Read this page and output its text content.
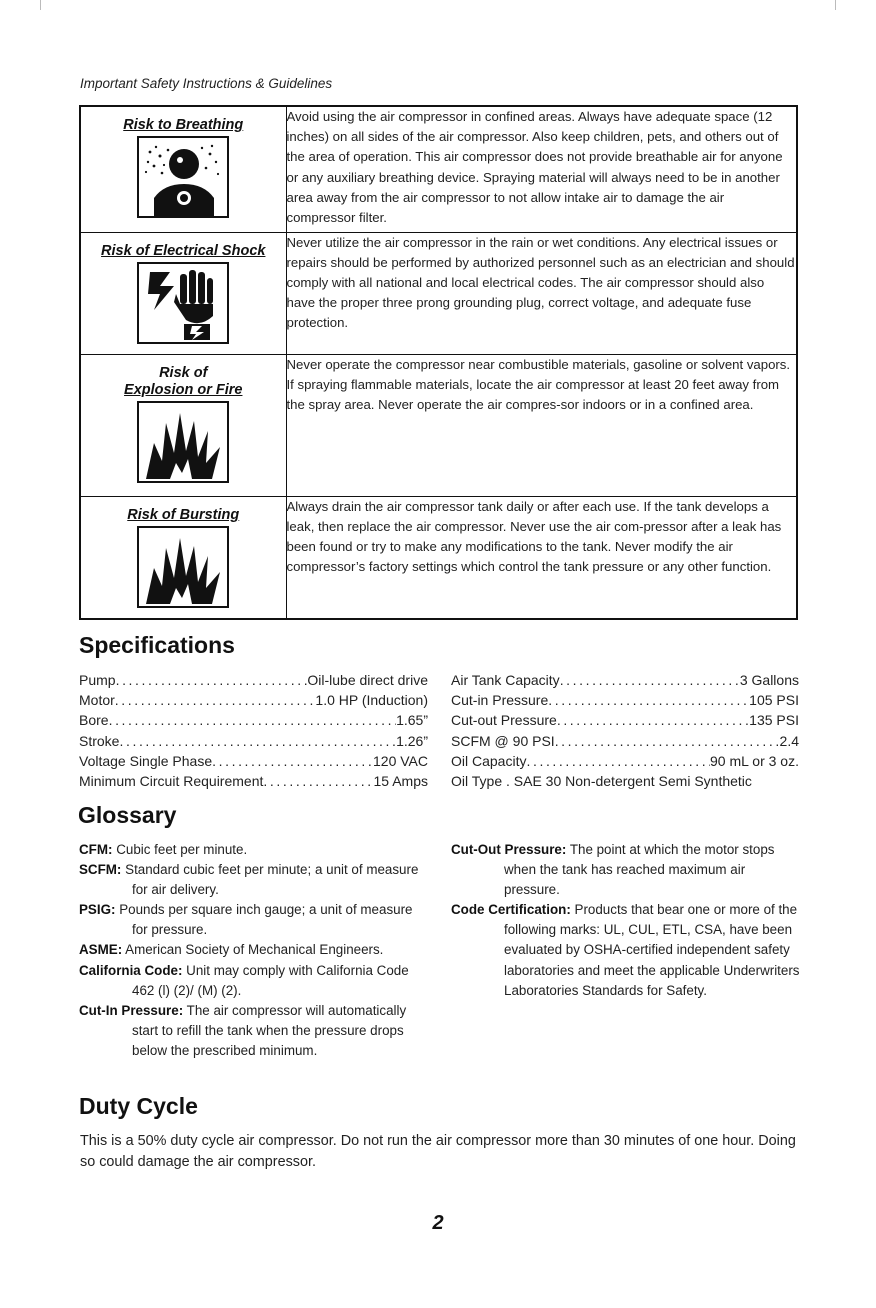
Important Safety Instructions & Guidelines
Risk to Breathing	Avoid using the air compressor in confined areas. Always have adequate space (12 inches) on all sides of the air compressor. Also keep children, pets, and others out of the area of operation. This air compressor does not provide breathable air for anyone or any auxiliary breathing device. Spraying material will always need to be in another area away from the air compressor to not allow intake air to damage the air compressor filter.

Risk of Electrical Shock	Never utilize the air compressor in the rain or wet conditions. Any electrical issues or repairs should be performed by authorized personnel such as an electrician and should comply with all national and local electrical codes. The air compressor should also have the proper three prong grounding plug, correct voltage, and adequate fuse protection.

Risk of
Explosion or Fire	Never operate the compressor near combustible materials, gasoline or solvent vapors. If spraying flammable materials, locate the air compressor at least 20 feet away from the spray area. Never operate the air compres-sor indoors or in a confined area.

Risk of Bursting	Always drain the air compressor tank daily or after each use. If the tank develops a leak, then replace the air compressor. Never use the air com-pressor after a leak has been found or try to make any modifications to the tank. Never modify the air compressor’s factory settings which control the tank pressure or any other function.
Specifications
Pump .....	Oil-lube direct drive
Motor .....	1.0 HP (Induction)
Bore .....	1.65”
Stroke .....	1.26”
Voltage Single Phase .....	120 VAC
Minimum Circuit Requirement .....	15 Amps
Air Tank Capacity .....	3 Gallons
Cut-in Pressure .....	105 PSI
Cut-out Pressure .....	135 PSI
SCFM @ 90 PSI .....	2.4
Oil Capacity .....	90 mL or 3 oz.
Oil Type
. SAE 30 Non-detergent Semi Synthetic
Glossary
CFM: Cubic feet per minute.
SCFM: Standard cubic feet per minute; a unit of measure for air delivery.
PSIG: Pounds per square inch gauge; a unit of measure for pressure.
ASME: American Society of Mechanical Engineers.
California Code: Unit may comply with California Code 462 (l) (2)/ (M) (2).
Cut-In Pressure: The air compressor will automatically start to refill the tank when the pressure drops below the prescribed minimum.
Cut-Out Pressure: The point at which the motor stops when the tank has reached maximum air pressure.
Code Certification: Products that bear one or more of the following marks: UL, CUL, ETL, CSA, have been evaluated by OSHA-certified independent safety laboratories and meet the applicable Underwriters Laboratories Standards for Safety.
Duty Cycle
This is a 50% duty cycle air compressor. Do not run the air compressor more than 30 minutes of one hour. Doing so could damage the air compressor.
2
